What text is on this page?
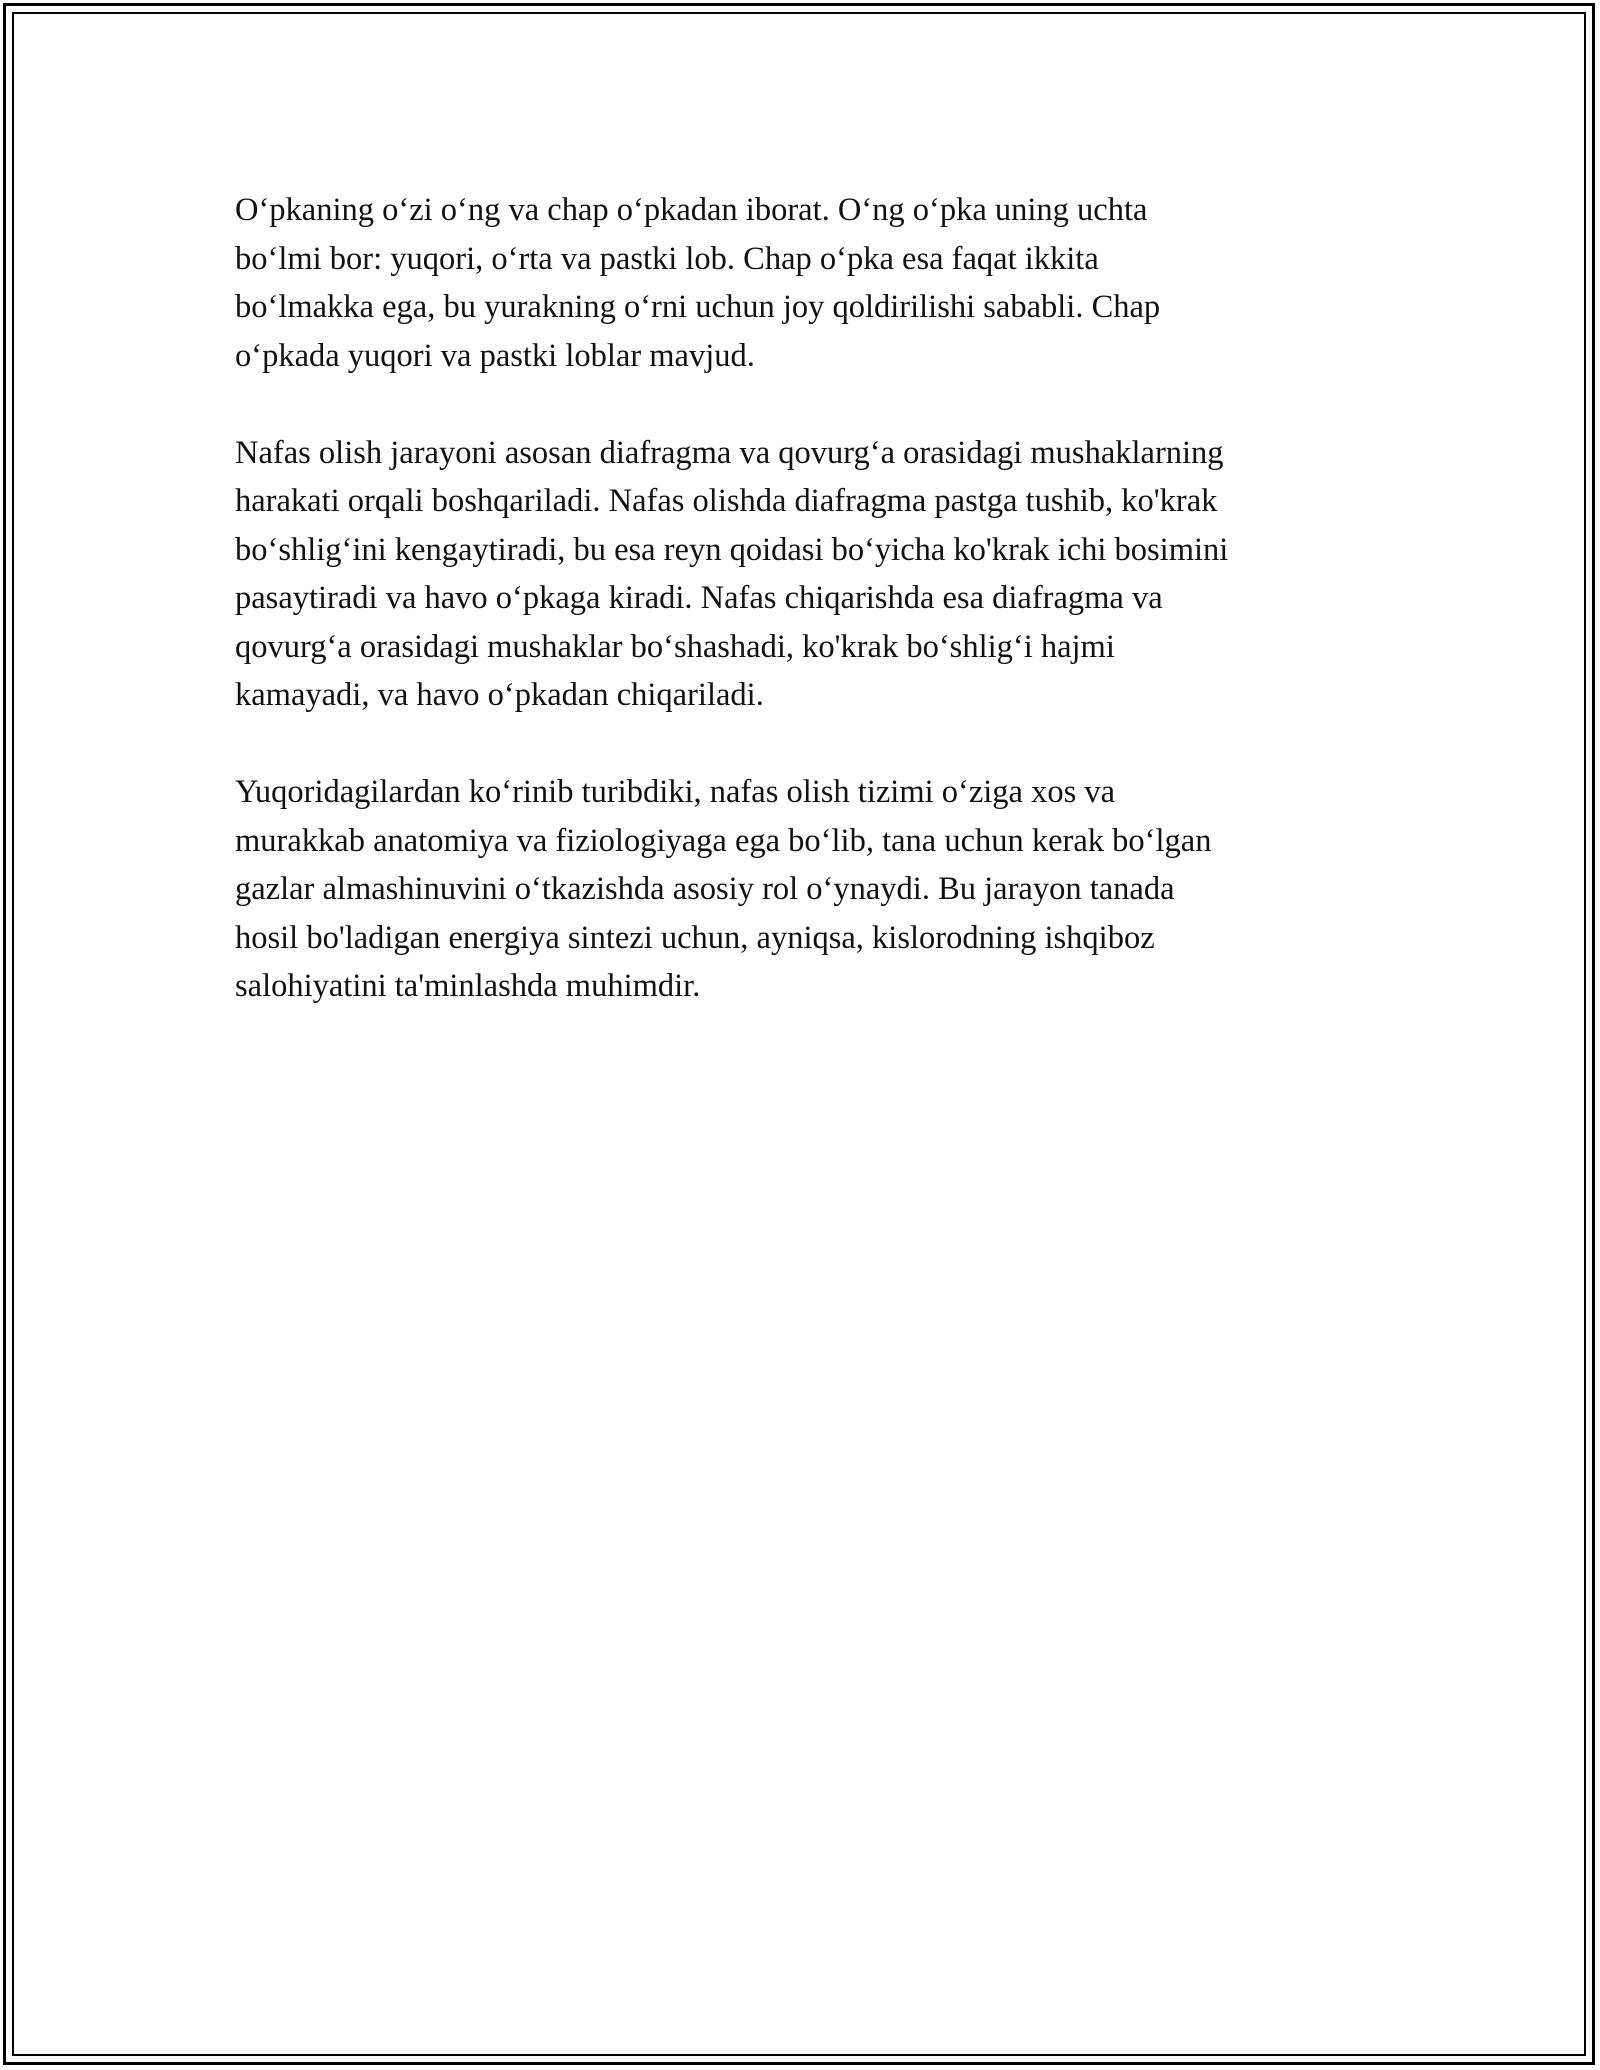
O‘pkaning o‘zi o‘ng va chap o‘pkadan iborat. O‘ng o‘pka uning uchta
bo‘lmi bor: yuqori, o‘rta va pastki lob. Chap o‘pka esa faqat ikkita
bo‘lmakka ega, bu yurakning o‘rni uchun joy qoldirilishi sababli. Chap
o‘pkada yuqori va pastki loblar mavjud.

Nafas olish jarayoni asosan diafragma va qovurg‘a orasidagi mushaklarning
harakati orqali boshqariladi. Nafas olishda diafragma pastga tushib, ko'krak
bo‘shlig‘ini kengaytiradi, bu esa reyn qoidasi bo‘yicha ko'krak ichi bosimini
pasaytiradi va havo o‘pkaga kiradi. Nafas chiqarishda esa diafragma va
qovurg‘a orasidagi mushaklar bo‘shashadi, ko'krak bo‘shlig‘i hajmi
kamayadi, va havo o‘pkadan chiqariladi.

Yuqoridagilardan ko‘rinib turibdiki, nafas olish tizimi o‘ziga xos va
murakkab anatomiya va fiziologiyaga ega bo‘lib, tana uchun kerak bo‘lgan
gazlar almashinuvini o‘tkazishda asosiy rol o‘ynaydi. Bu jarayon tanada
hosil bo'ladigan energiya sintezi uchun, ayniqsa, kislorodning ishqiboz
salohiyatini ta'minlashda muhimdir.
